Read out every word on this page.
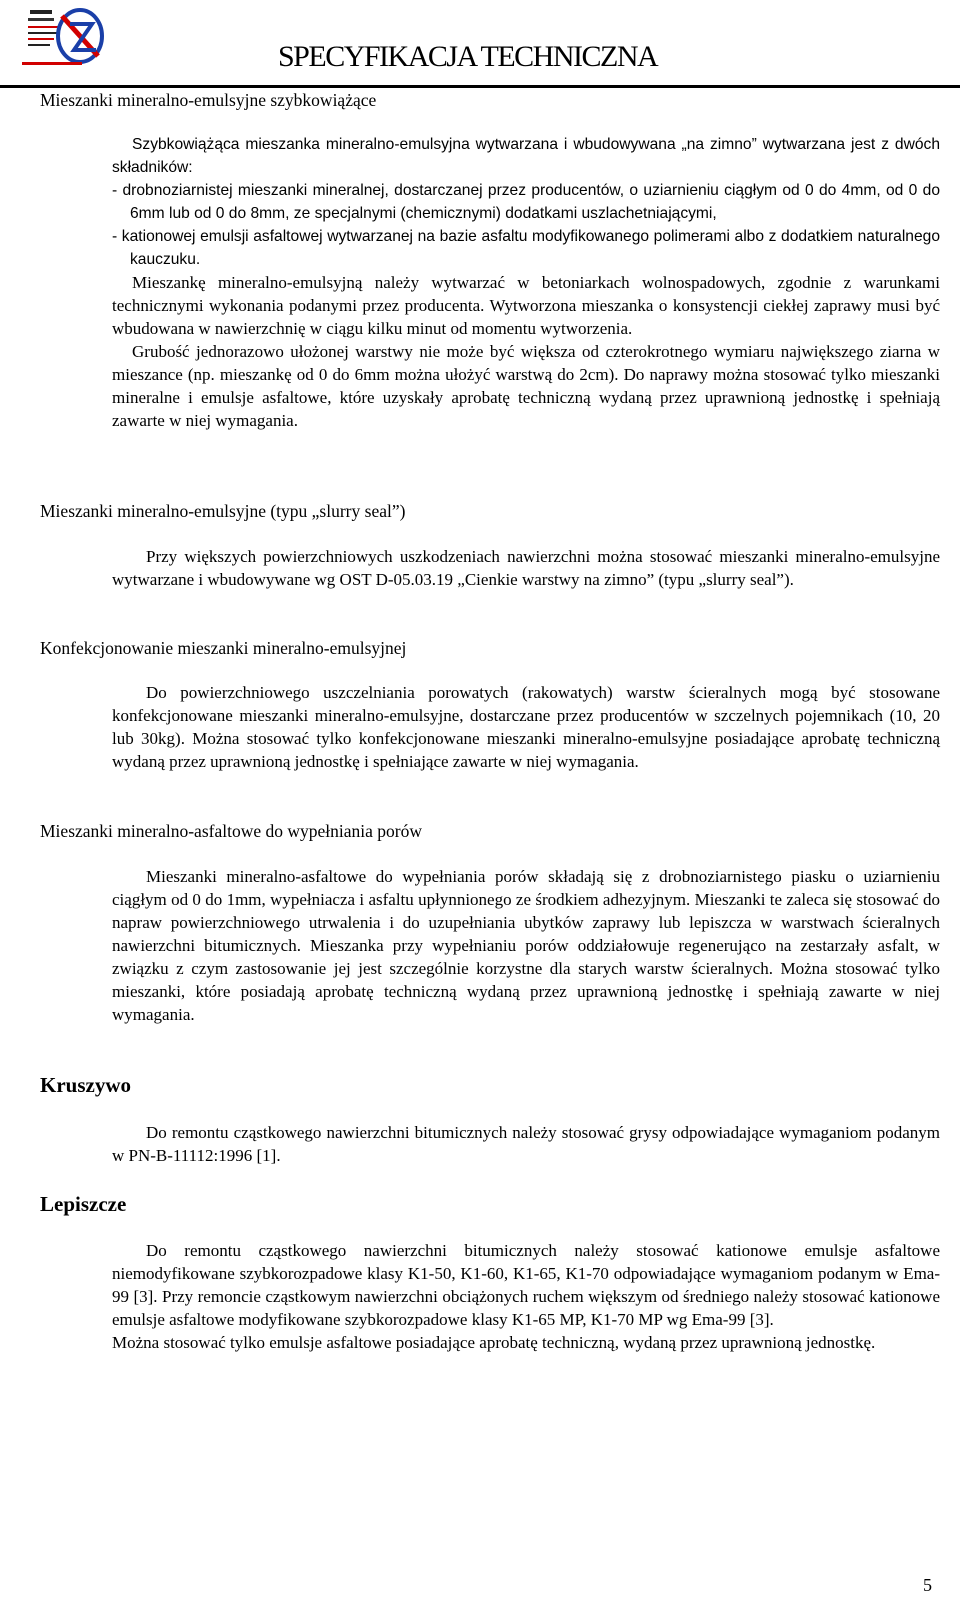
SPECYFIKACJA TECHNICZNA
Mieszanki mineralno-emulsyjne szybkowiążące
Szybkowiążąca mieszanka mineralno-emulsyjna wytwarzana i wbudowywana „na zimno” wytwarzana jest z dwóch składników:
- drobnoziarnistej mieszanki mineralnej, dostarczanej przez producentów, o uziarnieniu ciągłym od 0 do 4mm, od 0 do 6mm lub od 0 do 8mm, ze specjalnymi (chemicznymi) dodatkami uszlachetniającymi,
- kationowej emulsji asfaltowej wytwarzanej na bazie asfaltu modyfikowanego polimerami albo z dodatkiem naturalnego kauczuku.
Mieszankę mineralno-emulsyjną należy wytwarzać w betoniarkach wolnospadowych, zgodnie z warunkami technicznymi wykonania podanymi przez producenta. Wytworzona mieszanka o konsystencji ciekłej zaprawy musi być wbudowana w nawierzchnię w ciągu kilku minut od momentu wytworzenia.
Grubość jednorazowo ułożonej warstwy nie może być większa od czterokrotnego wymiaru największego ziarna w mieszance (np. mieszankę od 0 do 6mm można ułożyć warstwą do 2cm). Do naprawy można stosować tylko mieszanki mineralne i emulsje asfaltowe, które uzyskały aprobatę techniczną wydaną przez uprawnioną jednostkę i spełniają zawarte w niej wymagania.
Mieszanki mineralno-emulsyjne (typu „slurry seal”)
Przy większych powierzchniowych uszkodzeniach nawierzchni można stosować mieszanki mineralno-emulsyjne wytwarzane i wbudowywane wg OST D-05.03.19 „Cienkie warstwy na zimno” (typu „slurry seal”).
Konfekcjonowanie mieszanki mineralno-emulsyjnej
Do powierzchniowego uszczelniania porowatych (rakowatych) warstw ścieralnych mogą być stosowane konfekcjonowane mieszanki mineralno-emulsyjne, dostarczane przez producentów w szczelnych pojemnikach (10, 20 lub 30kg). Można stosować tylko konfekcjonowane mieszanki mineralno-emulsyjne posiadające aprobatę techniczną wydaną przez uprawnioną jednostkę i spełniające zawarte w niej wymagania.
Mieszanki mineralno-asfaltowe do wypełniania porów
Mieszanki mineralno-asfaltowe do wypełniania porów składają się z drobnoziarnistego piasku o uziarnieniu ciągłym od 0 do 1mm, wypełniacza i asfaltu upłynnionego ze środkiem adhezyjnym. Mieszanki te zaleca się stosować do napraw powierzchniowego utrwalenia i do uzupełniania ubytków zaprawy lub lepiszcza w warstwach ścieralnych nawierzchni bitumicznych. Mieszanka przy wypełnianiu porów oddziałowuje regenerująco na zestarzały asfalt, w związku z czym zastosowanie jej jest szczególnie korzystne dla starych warstw ścieralnych. Można stosować tylko mieszanki, które posiadają aprobatę techniczną wydaną przez uprawnioną jednostkę i spełniają zawarte w niej wymagania.
Kruszywo
Do remontu cząstkowego nawierzchni bitumicznych należy stosować grysy odpowiadające wymaganiom podanym w PN-B-11112:1996 [1].
Lepiszcze
Do remontu cząstkowego nawierzchni bitumicznych należy stosować kationowe emulsje asfaltowe niemodyfikowane szybkorozpadowe klasy K1-50, K1-60, K1-65, K1-70 odpowiadające wymaganiom podanym w Ema-99 [3]. Przy remoncie cząstkowym nawierzchni obciążonych ruchem większym od średniego należy stosować kationowe emulsje asfaltowe modyfikowane szybkorozpadowe klasy K1-65 MP, K1-70 MP wg Ema-99 [3].
Można stosować tylko emulsje asfaltowe posiadające aprobatę techniczną, wydaną przez uprawnioną jednostkę.
5
